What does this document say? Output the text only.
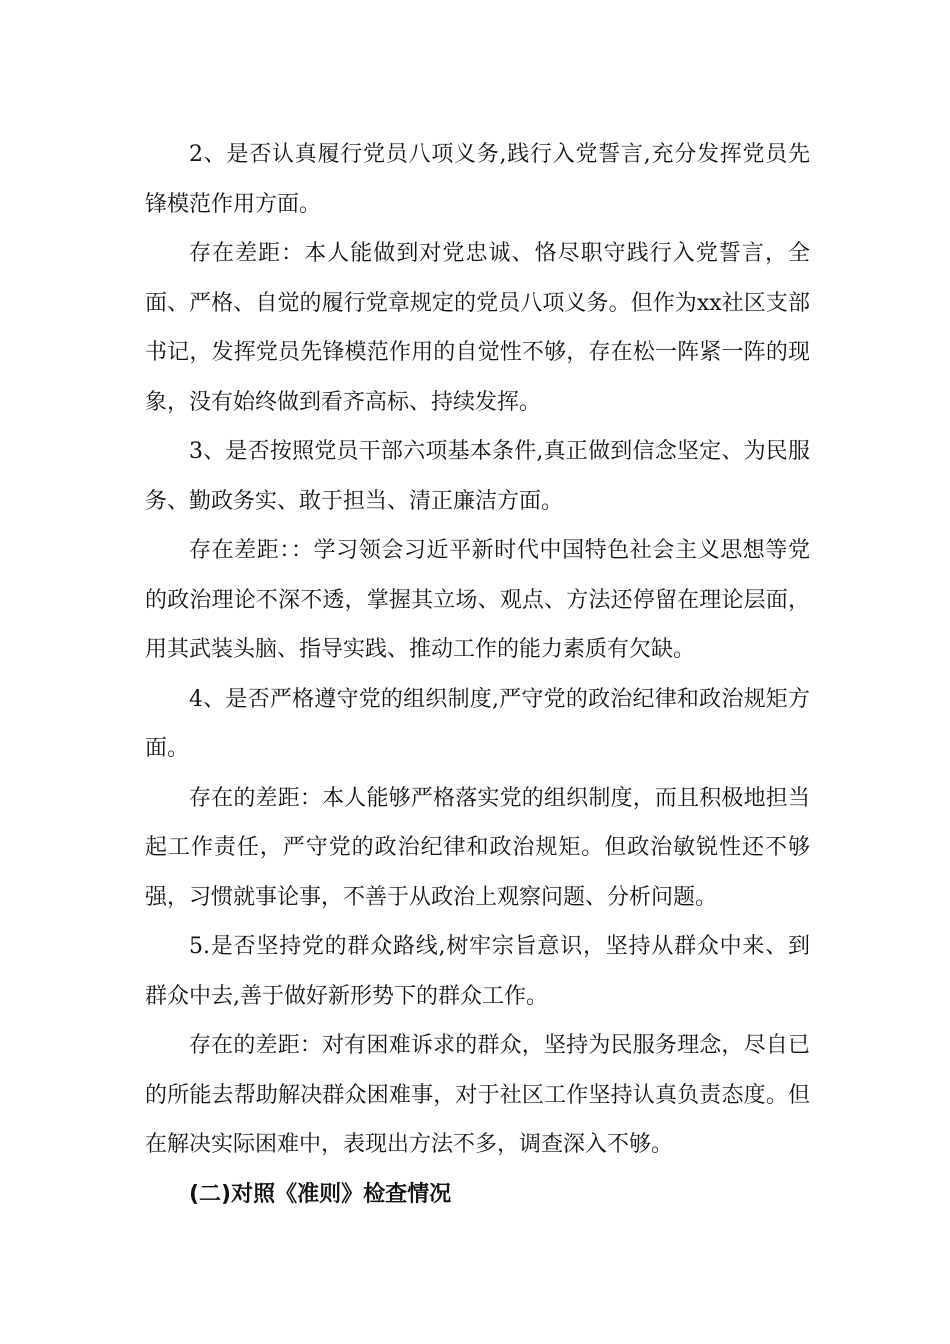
2、是否认真履行党员八项义务,践行入党誓言,充分发挥党员先锋模范作用方面。

存在差距：本人能做到对党忠诚、恪尽职守践行入党誓言，全面、严格、自觉的履行党章规定的党员八项义务。但作为xx社区支部书记，发挥党员先锋模范作用的自觉性不够，存在松一阵紧一阵的现象，没有始终做到看齐高标、持续发挥。

3、是否按照党员干部六项基本条件,真正做到信念坚定、为民服务、勤政务实、敢于担当、清正廉洁方面。

存在差距：：学习领会习近平新时代中国特色社会主义思想等党的政治理论不深不透，掌握其立场、观点、方法还停留在理论层面，用其武装头脑、指导实践、推动工作的能力素质有欠缺。

4、是否严格遵守党的组织制度,严守党的政治纪律和政治规矩方面。

存在的差距：本人能够严格落实党的组织制度，而且积极地担当起工作责任，严守党的政治纪律和政治规矩。但政治敏锐性还不够强，习惯就事论事，不善于从政治上观察问题、分析问题。

5.是否坚持党的群众路线,树牢宗旨意识，坚持从群众中来、到群众中去,善于做好新形势下的群众工作。

存在的差距：对有困难诉求的群众，坚持为民服务理念，尽自已的所能去帮助解决群众困难事，对于社区工作坚持认真负责态度。但在解决实际困难中，表现出方法不多，调查深入不够。

(二)对照《准则》检查情况
